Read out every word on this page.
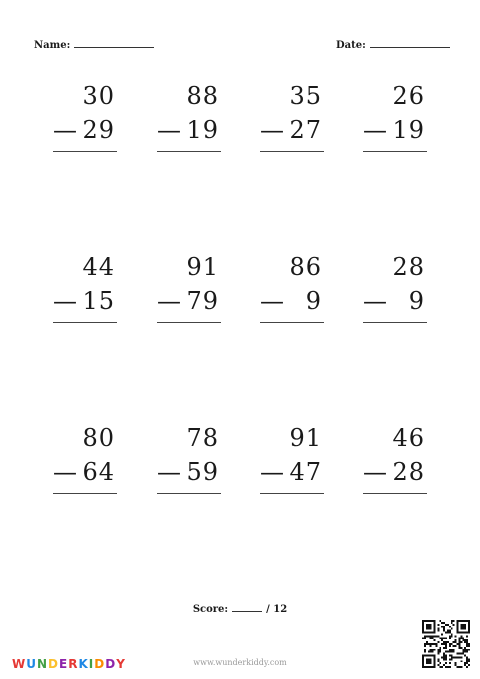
Name:	Date:
30
— 29
88
— 19
35
— 27
26
— 19
44
— 15
91
— 79
86
— 9
28
— 9
80
— 64
78
— 59
91
— 47
46
— 28
Score:	/ 12
WUNDERKIDDY	www.wunderkiddy.com
